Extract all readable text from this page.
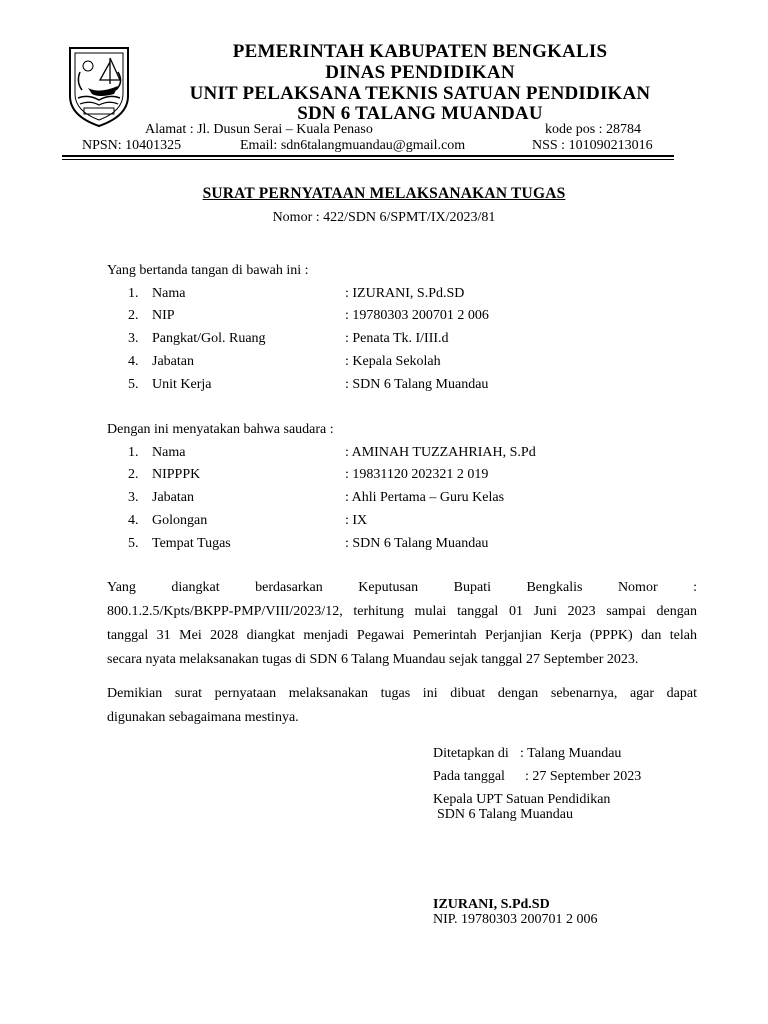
PEMERINTAH KABUPATEN BENGKALIS
DINAS PENDIDIKAN
UNIT PELAKSANA TEKNIS SATUAN PENDIDIKAN
SDN 6 TALANG MUANDAU
Alamat : Jl. Dusun Serai – Kuala Penaso	kode pos : 28784
NPSN: 10401325	Email: sdn6talangmuandau@gmail.com	NSS : 101090213016
SURAT PERNYATAAN MELAKSANAKAN TUGAS
Nomor : 422/SDN 6/SPMT/IX/2023/81
Yang bertanda tangan di bawah ini :
1. Nama	: IZURANI, S.Pd.SD
2. NIP	: 19780303 200701 2 006
3. Pangkat/Gol. Ruang	: Penata Tk. I/III.d
4. Jabatan	: Kepala Sekolah
5. Unit Kerja	: SDN 6 Talang Muandau
Dengan ini menyatakan bahwa saudara :
1. Nama	: AMINAH TUZZAHRIAH, S.Pd
2. NIPPPK	: 19831120 202321 2 019
3. Jabatan	: Ahli Pertama – Guru Kelas
4. Golongan	: IX
5. Tempat Tugas	: SDN 6 Talang Muandau
Yang diangkat berdasarkan Keputusan Bupati Bengkalis Nomor :
800.1.2.5/Kpts/BKPP-PMP/VIII/2023/12, terhitung mulai tanggal 01 Juni 2023 sampai dengan
tanggal 31 Mei 2028 diangkat menjadi Pegawai Pemerintah Perjanjian Kerja (PPPK) dan telah
secara nyata melaksanakan tugas di SDN 6 Talang Muandau sejak tanggal 27 September 2023.
Demikian surat pernyataan melaksanakan tugas ini dibuat dengan sebenarnya, agar dapat
digunakan sebagaimana mestinya.
Ditetapkan di : Talang Muandau
Pada tanggal : 27 September 2023
Kepala UPT Satuan Pendidikan
SDN 6 Talang Muandau
IZURANI, S.Pd.SD
NIP. 19780303 200701 2 006
